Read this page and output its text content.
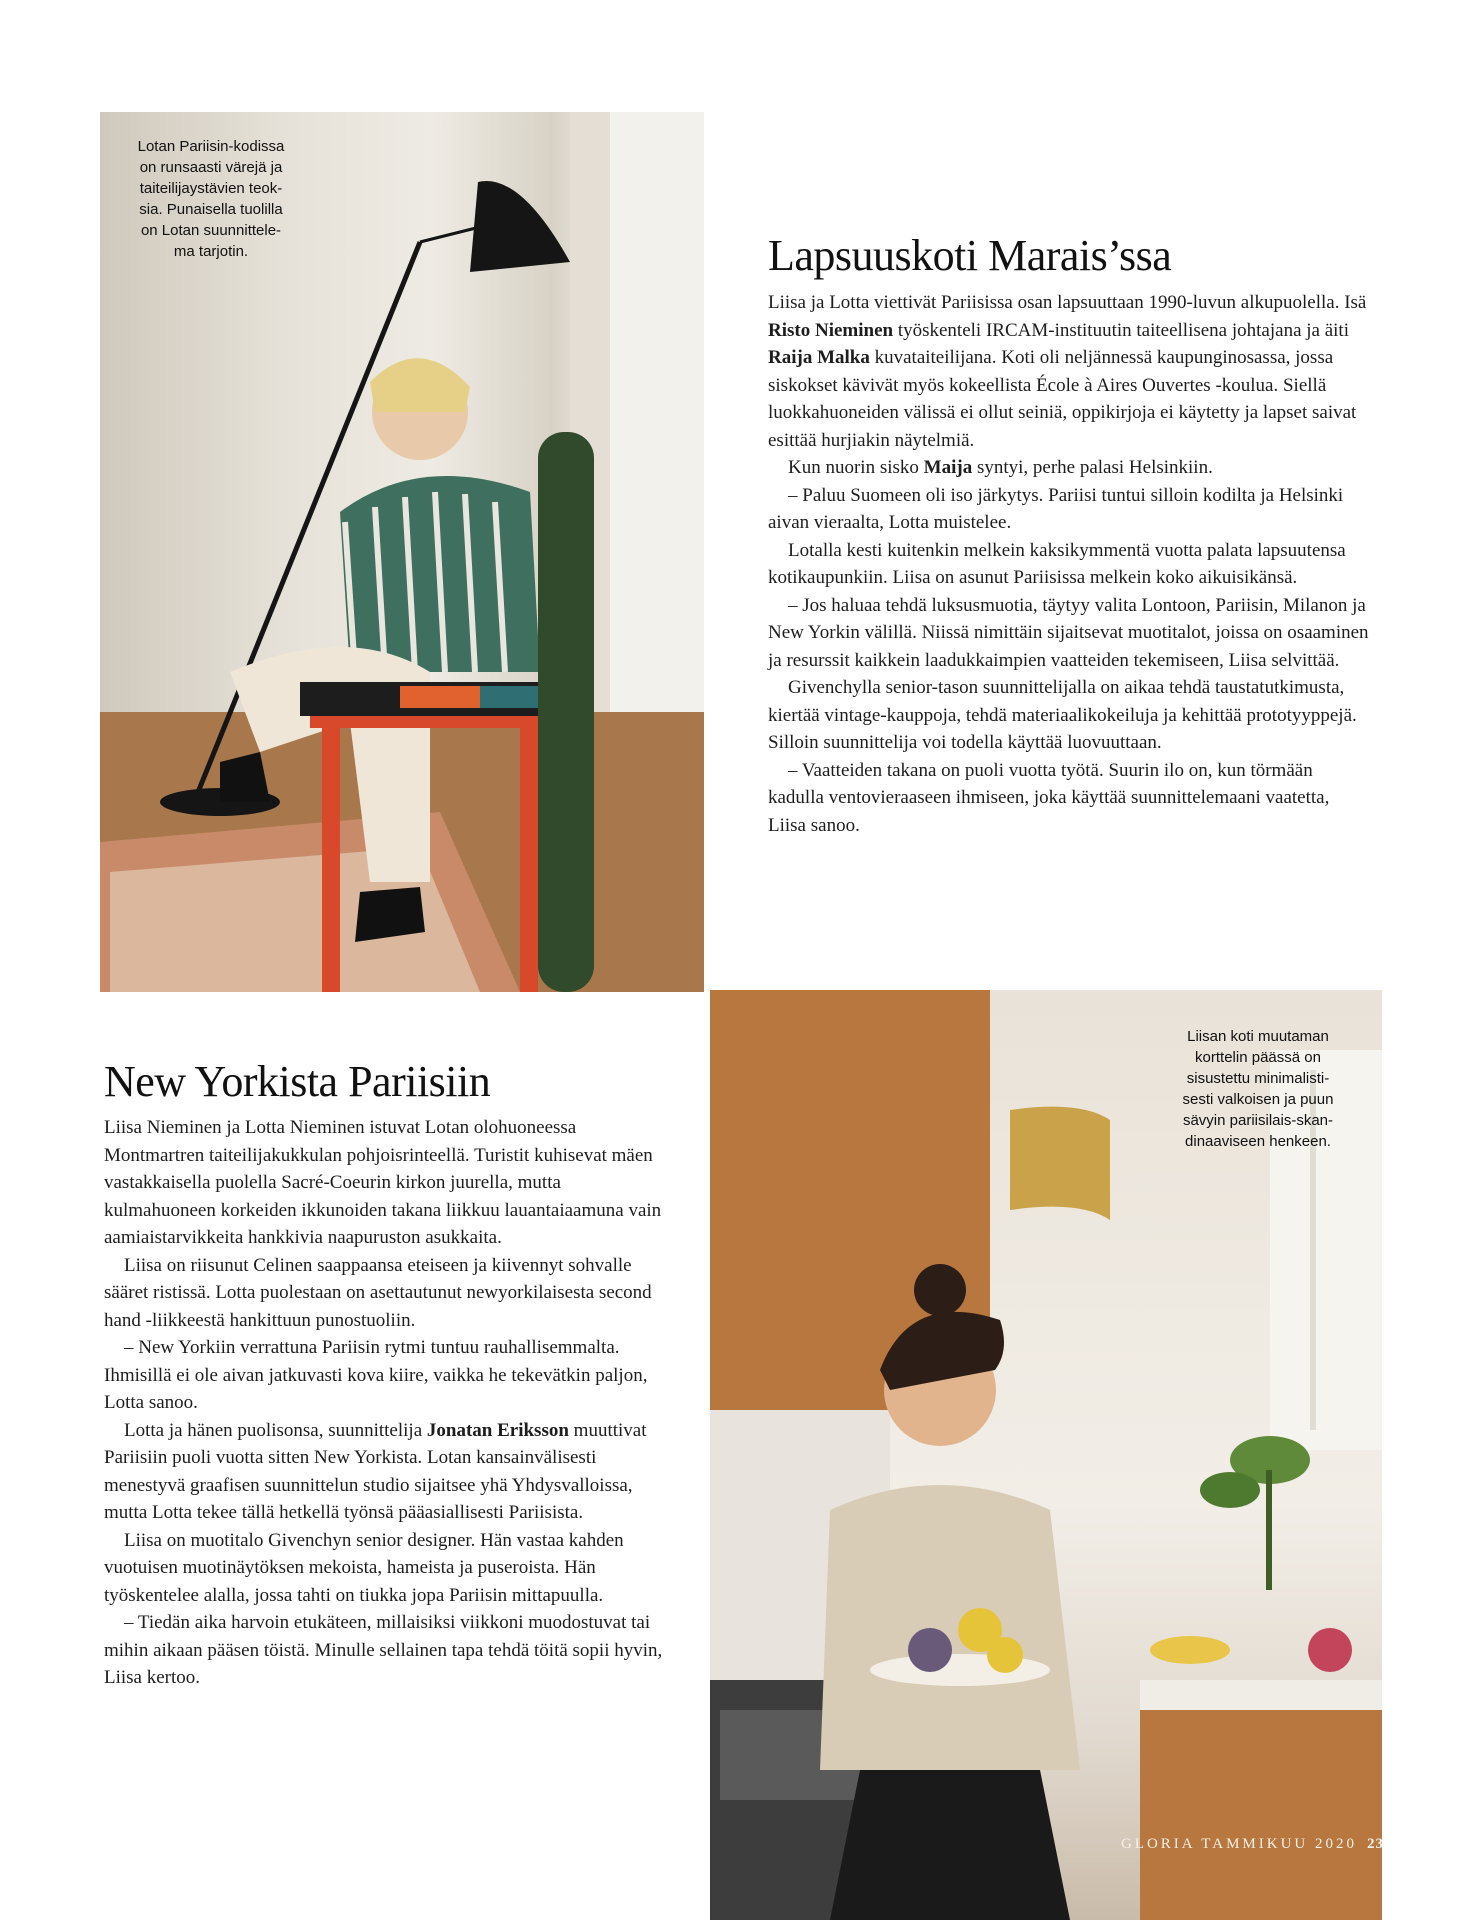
Lotan Pariisin-kodissa
on runsaasti värejä ja
taiteilijaystävien teok-
sia. Punaisella tuolilla
on Lotan suunnittele-
ma tarjotin.	Lapsuuskoti Marais’ssa

Liisa ja Lotta viettivät Pariisissa osan lapsuuttaan 1990-luvun alkupuolella. Isä Risto Nieminen työskenteli IRCAM-instituutin taiteellisena johtajana ja äiti Raija Malka kuvataiteilijana. Koti oli neljännessä kaupunginosassa, jossa siskokset kävivät myös kokeellista École à Aires Ouvertes -koulua. Siellä luokkahuoneiden välissä ei ollut seiniä, oppikirjoja ei käytetty ja lapset saivat esittää hurjiakin näytelmiä.

Kun nuorin sisko Maija syntyi, perhe palasi Helsinkiin.

– Paluu Suomeen oli iso järkytys. Pariisi tuntui silloin kodilta ja Helsinki aivan vieraalta, Lotta muistelee.

Lotalla kesti kuitenkin melkein kaksikymmentä vuotta palata lapsuutensa kotikaupunkiin. Liisa on asunut Pariisissa melkein koko aikuisikänsä.

– Jos haluaa tehdä luksusmuotia, täytyy valita Lontoon, Pariisin, Milanon ja New Yorkin välillä. Niissä nimittäin sijaitsevat muotitalot, joissa on osaaminen ja resurssit kaikkein laadukkaimpien vaatteiden tekemiseen, Liisa selvittää.

Givenchylla senior-tason suunnittelijalla on aikaa tehdä taustatutkimusta, kiertää vintage-kauppoja, tehdä materiaalikokeiluja ja kehittää prototyyppejä. Silloin suunnittelija voi todella käyttää luovuuttaan.

– Vaatteiden takana on puoli vuotta työtä. Suurin ilo on, kun törmään kadulla ventovieraaseen ihmiseen, joka käyttää suunnittelemaani vaatetta, Liisa sanoo.

New Yorkista Pariisiin

Liisa Nieminen ja Lotta Nieminen istuvat Lotan olohuoneessa Montmartren taiteilijakukkulan pohjoisrinteellä. Turistit kuhisevat mäen vastakkaisella puolella Sacré-Coeurin kirkon juurella, mutta kulmahuoneen korkeiden ikkunoiden takana liikkuu lauantaiaamuna vain aamiaistarvikkeita hankkivia naapuruston asukkaita.

Liisa on riisunut Celinen saappaansa eteiseen ja kiivennyt sohvalle sääret ristissä. Lotta puolestaan on asettautunut newyorkilaisesta second hand -liikkeestä hankittuun punostuoliin.

– New Yorkiin verrattuna Pariisin rytmi tuntuu rauhallisemmalta. Ihmisillä ei ole aivan jatkuvasti kova kiire, vaikka he tekevätkin paljon, Lotta sanoo.

Lotta ja hänen puolisonsa, suunnittelija Jonatan Eriksson muuttivat Pariisiin puoli vuotta sitten New Yorkista. Lotan kansainvälisesti menestyvä graafisen suunnittelun studio sijaitsee yhä Yhdysvalloissa, mutta Lotta tekee tällä hetkellä työnsä pääasiallisesti Pariisista.

Liisa on muotitalo Givenchyn senior designer. Hän vastaa kahden vuotuisen muotinäytöksen mekoista, hameista ja puseroista. Hän työskentelee alalla, jossa tahti on tiukka jopa Pariisin mittapuulla.

– Tiedän aika harvoin etukäteen, millaisiksi viikkoni muodostuvat tai mihin aikaan pääsen töistä. Minulle sellainen tapa tehdä töitä sopii hyvin, Liisa kertoo.

Liisan koti muutaman
korttelin päässä on
sisustettu minimalisti-
sesti valkoisen ja puun
sävyin pariisilais-skan-
dinaaviseen henkeen.
GLORIA TAMMIKUU 2020 23
